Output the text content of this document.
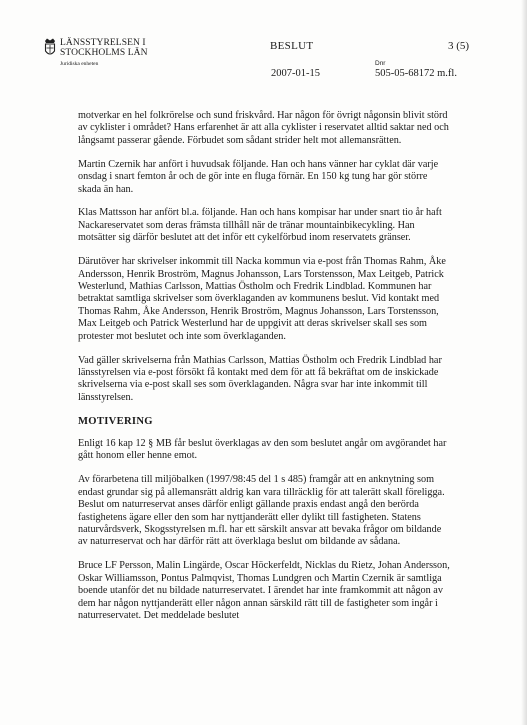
LÄNSSTYRELSEN I
STOCKHOLMS LÄN
Juridiska enheten
BESLUT	3 (5)
Dnr
2007-01-15	505-05-68172 m.fl.

motverkar en hel folkrörelse och sund friskvård. Har någon för övrigt någonsin blivit störd av cyklister i området? Hans erfarenhet är att alla cyklister i reservatet alltid saktar ned och långsamt passerar gående. Förbudet som sådant strider helt mot allemansrätten.

Martin Czernik har anfört i huvudsak följande. Han och hans vänner har cyklat där varje onsdag i snart femton år och de gör inte en fluga förnär. En 150 kg tung har gör större skada än han.

Klas Mattsson har anfört bl.a. följande. Han och hans kompisar har under snart tio år haft Nackareservatet som deras främsta tillhåll när de tränar mountainbikecykling. Han motsätter sig därför beslutet att det inför ett cykelförbud inom reservatets gränser.

Därutöver har skrivelser inkommit till Nacka kommun via e-post från Thomas Rahm, Åke Andersson, Henrik Broström, Magnus Johansson, Lars Torstensson, Max Leitgeb, Patrick Westerlund, Mathias Carlsson, Mattias Östholm och Fredrik Lindblad. Kommunen har betraktat samtliga skrivelser som överklaganden av kommunens beslut. Vid kontakt med Thomas Rahm, Åke Andersson, Henrik Broström, Magnus Johansson, Lars Torstensson, Max Leitgeb och Patrick Westerlund har de uppgivit att deras skrivelser skall ses som protester mot beslutet och inte som överklaganden.

Vad gäller skrivelserna från Mathias Carlsson, Mattias Östholm och Fredrik Lindblad har länsstyrelsen via e-post försökt få kontakt med dem för att få bekräftat om de inskickade skrivelserna via e-post skall ses som överklaganden. Några svar har inte inkommit till länsstyrelsen.

MOTIVERING

Enligt 16 kap 12 § MB får beslut överklagas av den som beslutet angår om avgörandet har gått honom eller henne emot.

Av förarbetena till miljöbalken (1997/98:45 del 1 s 485) framgår att en anknytning som endast grundar sig på allemansrätt aldrig kan vara tillräcklig för att talerätt skall föreligga. Beslut om naturreservat anses därför enligt gällande praxis endast angå den berörda fastighetens ägare eller den som har nyttjanderätt eller dylikt till fastigheten. Statens naturvårdsverk, Skogsstyrelsen m.fl. har ett särskilt ansvar att bevaka frågor om bildande av naturreservat och har därför rätt att överklaga beslut om bildande av sådana.

Bruce LF Persson, Malin Lingärde, Oscar Höckerfeldt, Nicklas du Rietz, Johan Andersson, Oskar Williamsson, Pontus Palmqvist, Thomas Lundgren och Martin Czernik är samtliga boende utanför det nu bildade naturreservatet. I ärendet har inte framkommit att någon av dem har någon nyttjanderätt eller någon annan särskild rätt till de fastigheter som ingår i naturreservatet. Det meddelade beslutet
